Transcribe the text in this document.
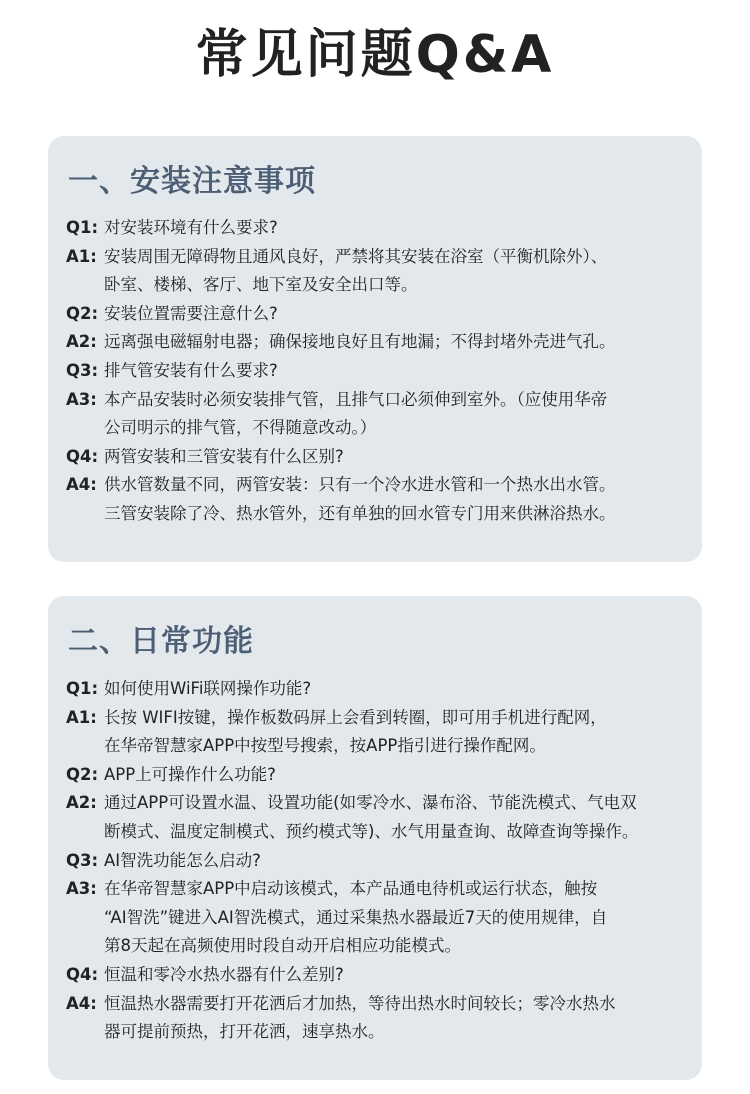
常见问题Q&A
一、安装注意事项
Q1: 对安装环境有什么要求?
A1: 安装周围无障碍物且通风良好，严禁将其安装在浴室（平衡机除外）、
卧室、楼梯、客厅、地下室及安全出口等。
Q2: 安装位置需要注意什么?
A2: 远离强电磁辐射电器；确保接地良好且有地漏；不得封堵外壳进气孔。
Q3: 排气管安装有什么要求?
A3: 本产品安装时必须安装排气管，且排气口必须伸到室外。（应使用华帝
公司明示的排气管，不得随意改动。）
Q4: 两管安装和三管安装有什么区别?
A4: 供水管数量不同，两管安装：只有一个冷水进水管和一个热水出水管。
三管安装除了冷、热水管外，还有单独的回水管专门用来供淋浴热水。
二、日常功能
Q1: 如何使用WiFi联网操作功能?
A1: 长按 WIFI按键，操作板数码屏上会看到转圈，即可用手机进行配网，
在华帝智慧家APP中按型号搜索，按APP指引进行操作配网。
Q2: APP上可操作什么功能?
A2: 通过APP可设置水温、设置功能(如零冷水、瀑布浴、节能洗模式、气电双
断模式、温度定制模式、预约模式等)、水气用量查询、故障查询等操作。
Q3: AI智洗功能怎么启动?
A3: 在华帝智慧家APP中启动该模式，本产品通电待机或运行状态，触按
“AI智洗”键进入AI智洗模式，通过采集热水器最近7天的使用规律，自
第8天起在高频使用时段自动开启相应功能模式。
Q4: 恒温和零冷水热水器有什么差别?
A4: 恒温热水器需要打开花洒后才加热，等待出热水时间较长；零冷水热水
器可提前预热，打开花洒，速享热水。
